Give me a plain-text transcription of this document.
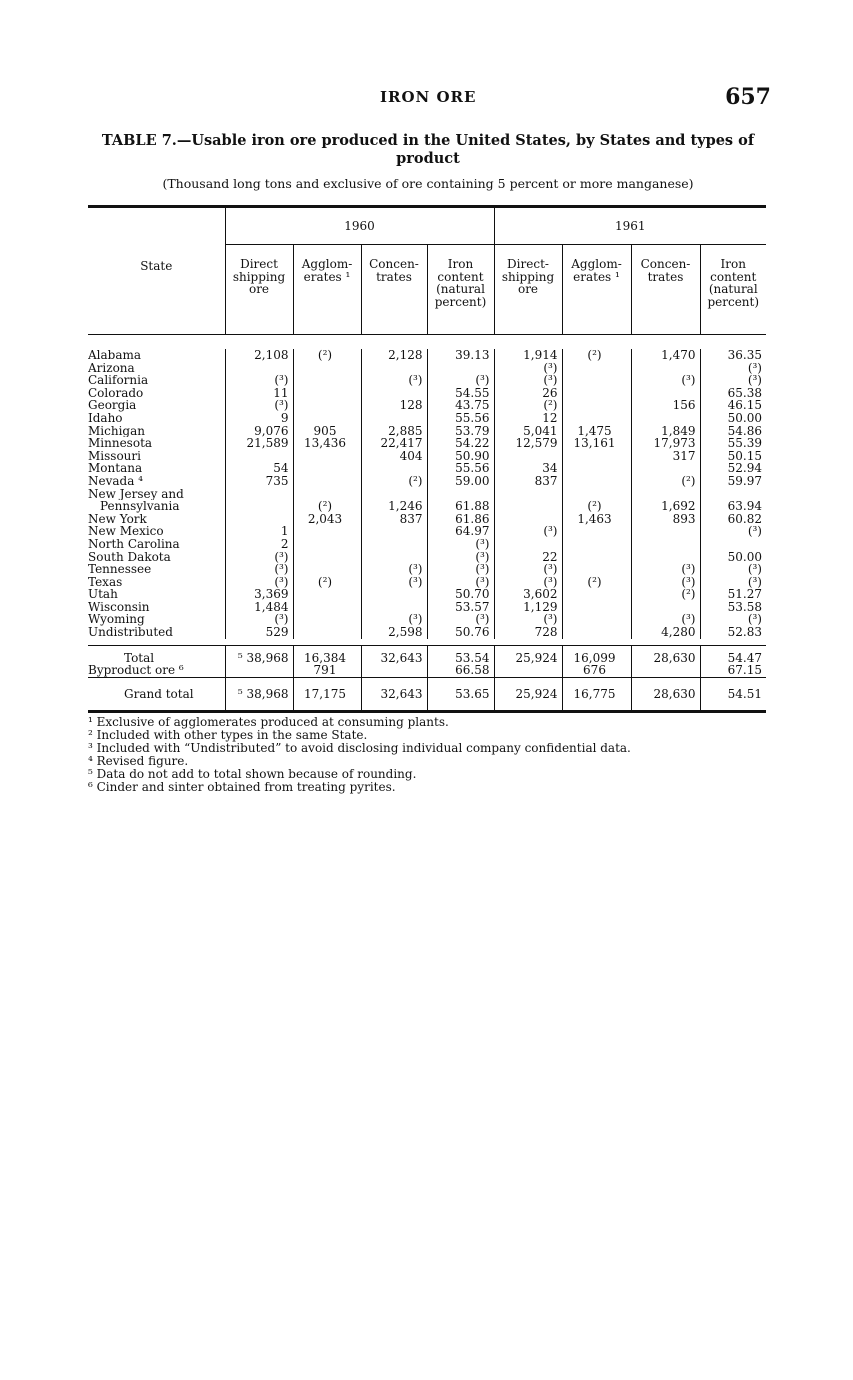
IRON ORE	657
TABLE 7.—Usable iron ore produced in the United States, by States and types of product
(Thousand long tons and exclusive of ore containing 5 percent or more manganese)

State	1960				1961			
	Direct shipping ore	Agglom- erates ¹	Concen- trates	Iron content (natural percent)	Direct- shipping ore	Agglom- erates ¹	Concen- trates	Iron content (natural percent)

Alabama	2,108	(²)	2,128	39.13	1,914	(²)	1,470	36.35
Arizona					(³)			(³)
California	(³)		(³)	(³)	(³)		(³)	(³)
Colorado	11			54.55	26			65.38
Georgia	(³)		128	43.75	(²)		156	46.15
Idaho	9			55.56	12			50.00
Michigan	9,076	905	2,885	53.79	5,041	1,475	1,849	54.86
Minnesota	21,589	13,436	22,417	54.22	12,579	13,161	17,973	55.39
Missouri			404	50.90			317	50.15
Montana	54			55.56	34			52.94
Nevada ⁴	735		(²)	59.00	837		(²)	59.97
New Jersey and								
Pennsylvania		(²)	1,246	61.88		(²)	1,692	63.94
New York		2,043	837	61.86		1,463	893	60.82
New Mexico	1			64.97	(³)			(³)
North Carolina	2			(³)				
South Dakota	(³)			(³)	22			50.00
Tennessee	(³)		(³)	(³)	(³)		(³)	(³)
Texas	(³)	(²)	(³)	(³)	(³)	(²)	(³)	(³)
Utah	3,369			50.70	3,602		(²)	51.27
Wisconsin	1,484			53.57	1,129			53.58
Wyoming	(³)		(³)	(³)	(³)		(³)	(³)
Undistributed	529		2,598	50.76	728		4,280	52.83

Total	⁵ 38,968	16,384	32,643	53.54	25,924	16,099	28,630	54.47
Byproduct ore ⁶		791		66.58		676		67.15
Grand total	⁵ 38,968	17,175	32,643	53.65	25,924	16,775	28,630	54.51
¹ Exclusive of agglomerates produced at consuming plants.
² Included with other types in the same State.
³ Included with “Undistributed” to avoid disclosing individual company confidential data.
⁴ Revised figure.
⁵ Data do not add to total shown because of rounding.
⁶ Cinder and sinter obtained from treating pyrites.
